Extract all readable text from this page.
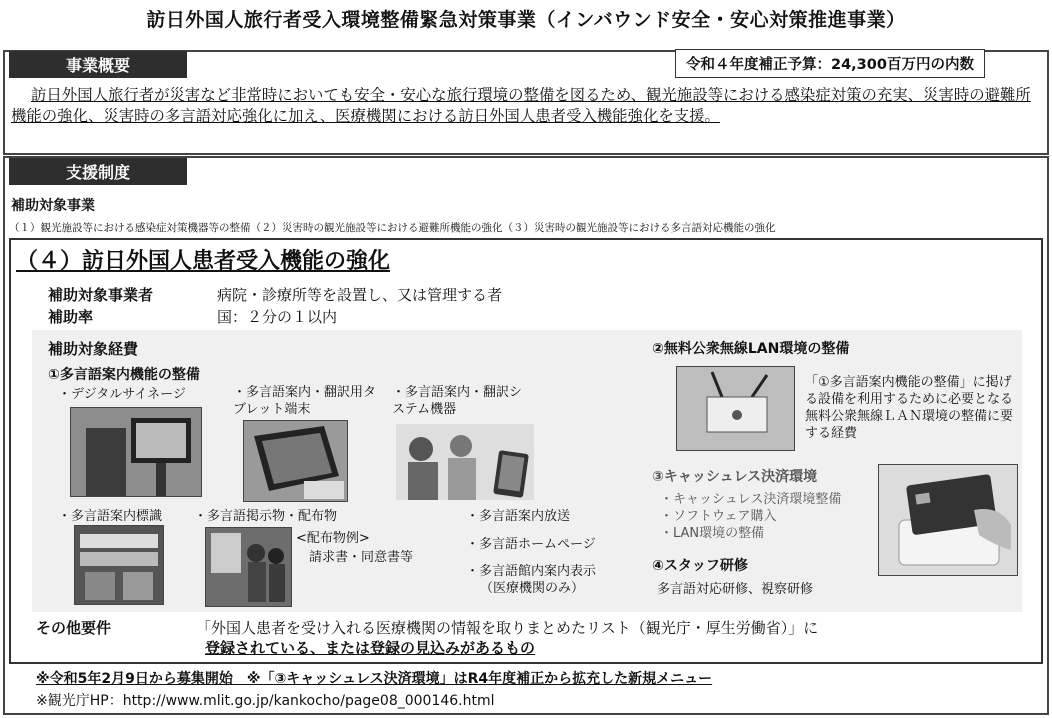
訪日外国人旅行者受入環境整備緊急対策事業（インバウンド安全・安心対策推進事業）
事業概要	令和４年度補正予算：24,300百万円の内数
訪日外国人旅行者が災害など非常時においても安全・安心な旅行環境の整備を図るため、観光施設等における感染症対策の充実、災害時の避難所機能の強化、災害時の多言語対応強化に加え、医療機関における訪日外国人患者受入機能強化を支援。
支援制度
補助対象事業
（１）観光施設等における感染症対策機器等の整備（２）災害時の観光施設等における避難所機能の強化（３）災害時の観光施設等における多言語対応機能の強化
（４）訪日外国人患者受入機能の強化
補助対象事業者	病院・診療所等を設置し、又は管理する者
補助率	国：２分の１以内
補助対象経費
①多言語案内機能の整備
・デジタルサイネージ	・多言語案内・翻訳用タブレット端末
・多言語案内・翻訳システム機器
・多言語案内標識 ・多言語掲示物・配布物
<配布物例>
請求書・同意書等
・多言語案内放送
・多言語ホームページ
・多言語館内案内表示
（医療機関のみ）
②無料公衆無線LAN環境の整備
「①多言語案内機能の整備」に掲げる設備を利用するために必要となる無料公衆無線ＬＡＮ環境の整備に要する経費
③キャッシュレス決済環境
・キャッシュレス決済環境整備
・ソフトウェア購入
・LAN環境の整備
④スタッフ研修
多言語対応研修、視察研修
その他要件	「外国人患者を受け入れる医療機関の情報を取りまとめたリスト（観光庁・厚生労働省）」に
登録されている、または登録の見込みがあるもの
※令和5年2月9日から募集開始　※「③キャッシュレス決済環境」はR4年度補正から拡充した新規メニュー
※観光庁HP：http://www.mlit.go.jp/kankocho/page08_000146.html
